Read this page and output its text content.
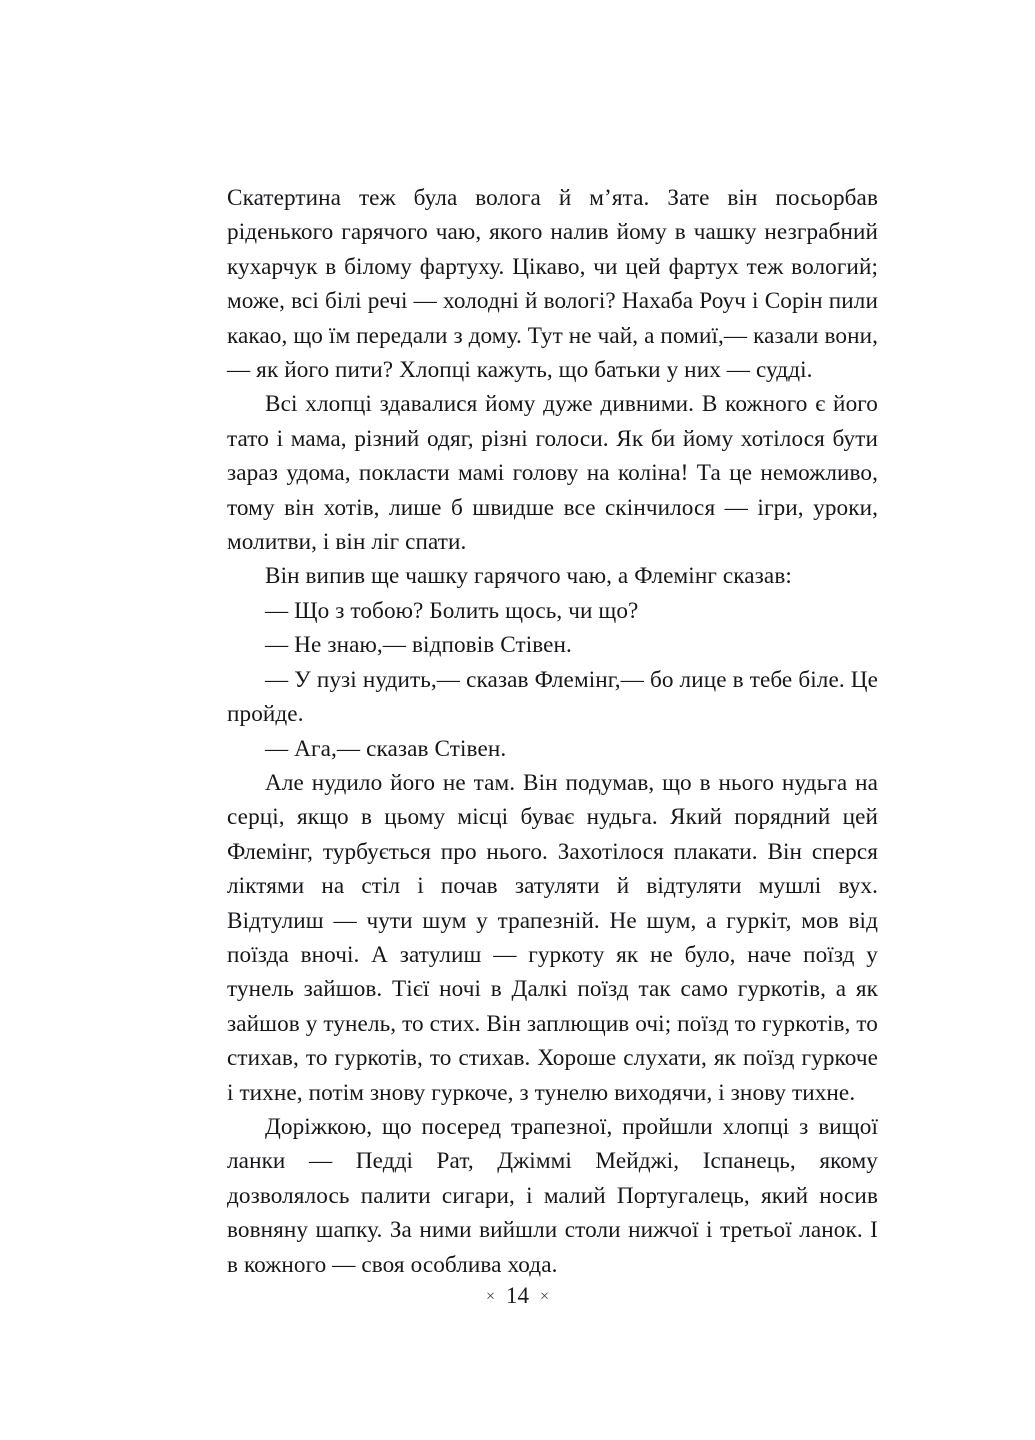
Скатертина теж була волога й м’ята. Зате він посьорбав ріденького гарячого чаю, якого налив йому в чашку незграбний кухарчук в білому фартуху. Цікаво, чи цей фартух теж вологий; може, всі білі речі — холодні й вологі? Нахаба Роуч і Сорін пили какао, що їм передали з дому. Тут не чай, а помиї,— казали вони,— як його пити? Хлопці кажуть, що батьки у них — судді.

Всі хлопці здавалися йому дуже дивними. В кожного є його тато і мама, різний одяг, різні голоси. Як би йому хотілося бути зараз удома, покласти мамі голову на коліна! Та це неможливо, тому він хотів, лише б швидше все скінчилося — ігри, уроки, молитви, і він ліг спати.

Він випив ще чашку гарячого чаю, а Флемінг сказав:

— Що з тобою? Болить щось, чи що?

— Не знаю,— відповів Стівен.

— У пузі нудить,— сказав Флемінг,— бо лице в тебе біле. Це пройде.

— Ага,— сказав Стівен.

Але нудило його не там. Він подумав, що в нього нудьга на серці, якщо в цьому місці буває нудьга. Який порядний цей Флемінг, турбується про нього. Захотілося плакати. Він сперся ліктями на стіл і почав затуляти й відтуляти мушлі вух. Відтулиш — чути шум у трапезній. Не шум, а гуркіт, мов від поїзда вночі. А затулиш — гуркоту як не було, наче поїзд у тунель зайшов. Тієї ночі в Далкі поїзд так само гуркотів, а як зайшов у тунель, то стих. Він заплющив очі; поїзд то гуркотів, то стихав, то гуркотів, то стихав. Хороше слухати, як поїзд гуркоче і тихне, потім знову гуркоче, з тунелю виходячи, і знову тихне.

Доріжкою, що посеред трапезної, пройшли хлопці з вищої ланки — Педді Рат, Джіммі Мейджі, Іспанець, якому дозволялось палити сигари, і малий Португалець, який носив вовняну шапку. За ними вийшли столи нижчої і третьої ланок. І в кожного — своя особлива хода.

× 14 ×
